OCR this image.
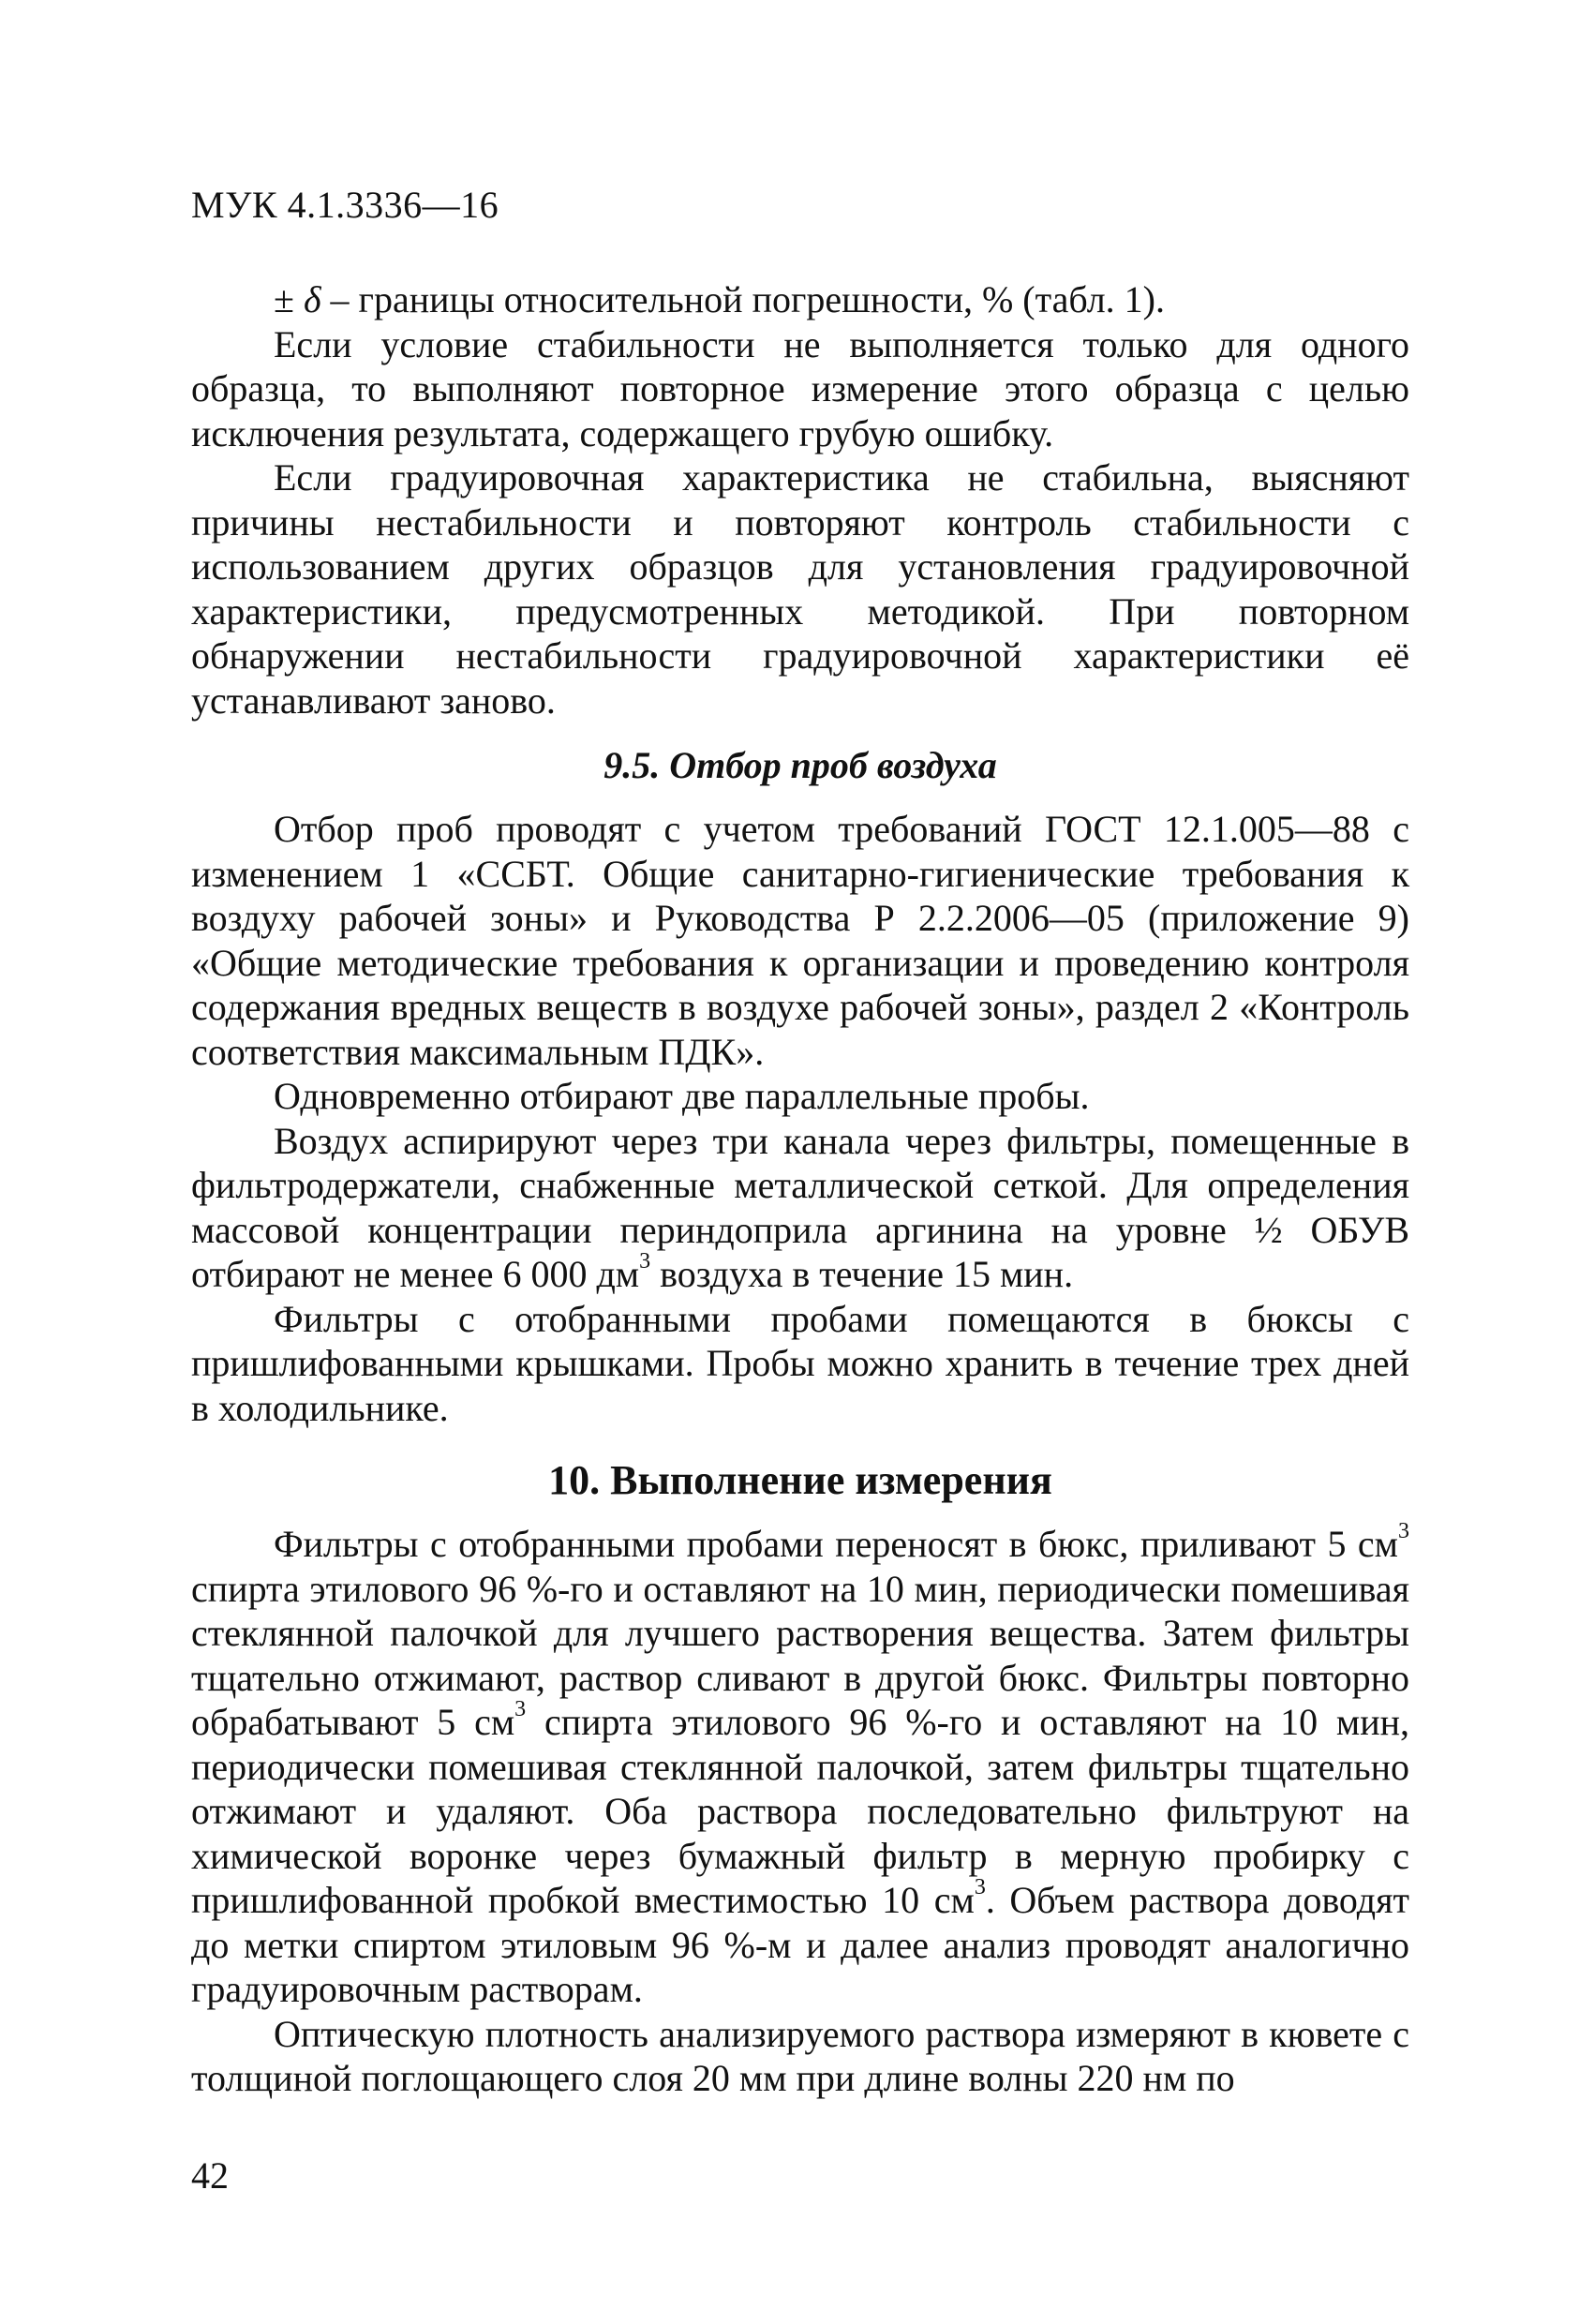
МУК 4.1.3336—16

± δ – границы относительной погрешности, % (табл. 1).

Если условие стабильности не выполняется только для одного образца, то выполняют повторное измерение этого образца с целью исключения результата, содержащего грубую ошибку.

Если градуировочная характеристика не стабильна, выясняют причины нестабильности и повторяют контроль стабильности с использованием других образцов для установления градуировочной характеристики, предусмотренных методикой. При повторном обнаружении нестабильности градуировочной характеристики её устанавливают заново.

9.5. Отбор проб воздуха

Отбор проб проводят с учетом требований ГОСТ 12.1.005—88 с изменением 1 «ССБТ. Общие санитарно-гигиенические требования к воздуху рабочей зоны» и Руководства Р 2.2.2006—05 (приложение 9) «Общие методические требования к организации и проведению контроля содержания вредных веществ в воздухе рабочей зоны», раздел 2 «Контроль соответствия максимальным ПДК».

Одновременно отбирают две параллельные пробы.

Воздух аспирируют через три канала через фильтры, помещенные в фильтродержатели, снабженные металлической сеткой. Для определения массовой концентрации периндоприла аргинина на уровне ½ ОБУВ отбирают не менее 6 000 $дм^3$ воздуха в течение 15 мин.

Фильтры с отобранными пробами помещаются в бюксы с пришлифованными крышками. Пробы можно хранить в течение трех дней в холодильнике.

10. Выполнение измерения

Фильтры с отобранными пробами переносят в бюкс, приливают 5 $см^3$ спирта этилового 96 %-го и оставляют на 10 мин, периодически помешивая стеклянной палочкой для лучшего растворения вещества. Затем фильтры тщательно отжимают, раствор сливают в другой бюкс. Фильтры повторно обрабатывают 5 $см^3$ спирта этилового 96 %-го и оставляют на 10 мин, периодически помешивая стеклянной палочкой, затем фильтры тщательно отжимают и удаляют. Оба раствора последовательно фильтруют на химической воронке через бумажный фильтр в мерную пробирку с пришлифованной пробкой вместимостью 10 $см^3$. Объем раствора доводят до метки спиртом этиловым 96 %-м и далее анализ проводят аналогично градуировочным растворам.

Оптическую плотность анализируемого раствора измеряют в кювете с толщиной поглощающего слоя 20 мм при длине волны 220 нм по

42
